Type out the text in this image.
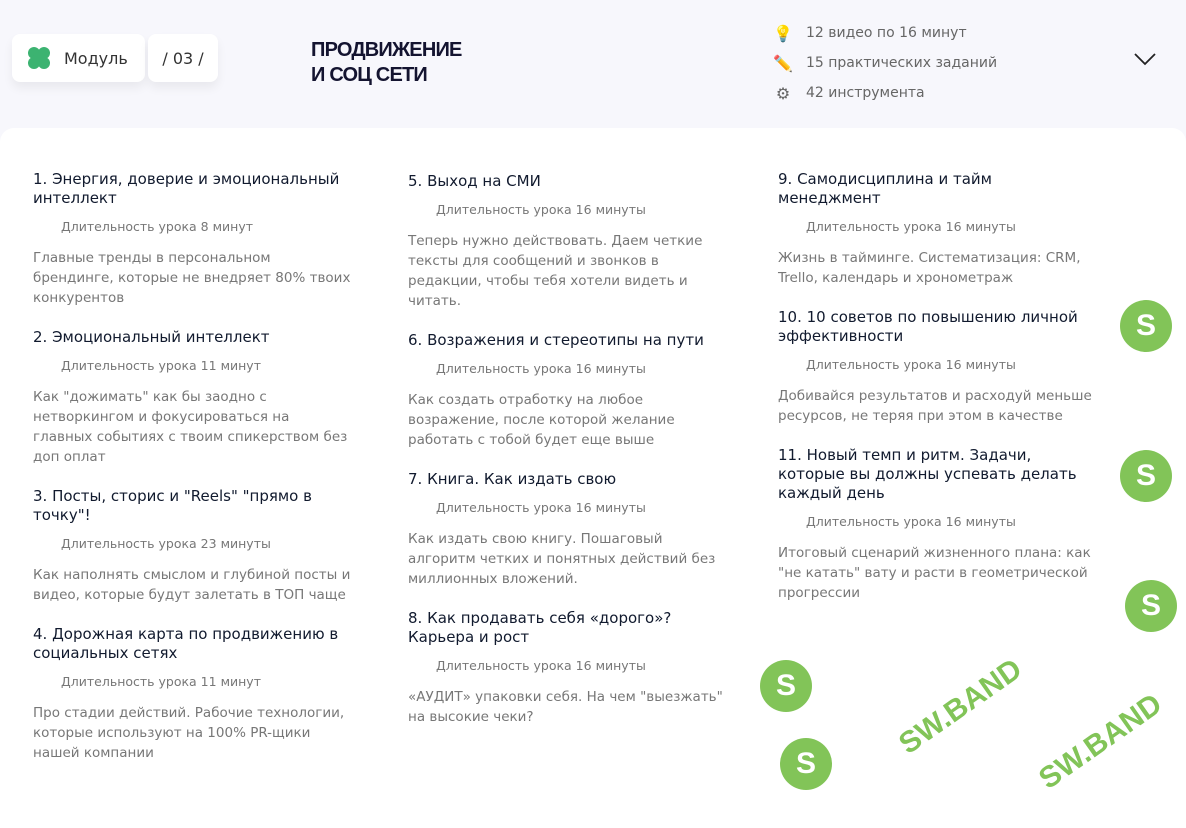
Модуль	/ 03 /	ПРОДВИЖЕНИЕ
И СОЦ СЕТИ
💡 12 видео по 16 минут
✏️ 15 практических заданий
⚙ 42 инструмента
1. Энергия, доверие и эмоциональный интеллект
Длительность урока 8 минут
Главные тренды в персональном брендинге, которые не внедряет 80% твоих конкурентов
2. Эмоциональный интеллект
Длительность урока 11 минут
Как "дожимать" как бы заодно с нетворкингом и фокусироваться на главных событиях с твоим спикерством без доп оплат
3. Посты, сторис и "Reels" "прямо в точку"!
Длительность урока 23 минуты
Как наполнять смыслом и глубиной посты и видео, которые будут залетать в ТОП чаще
4. Дорожная карта по продвижению в социальных сетях
Длительность урока 11 минут
Про стадии действий. Рабочие технологии, которые используют на 100% PR-щики нашей компании
5. Выход на СМИ
Длительность урока 16 минуты
Теперь нужно действовать. Даем четкие тексты для сообщений и звонков в редакции, чтобы тебя хотели видеть и читать.
6. Возражения и стереотипы на пути
Длительность урока 16 минуты
Как создать отработку на любое возражение, после которой желание работать с тобой будет еще выше
7. Книга. Как издать свою
Длительность урока 16 минуты
Как издать свою книгу. Пошаговый алгоритм четких и понятных действий без миллионных вложений.
8. Как продавать себя «дорого»? Карьера и рост
Длительность урока 16 минуты
«АУДИТ» упаковки себя. На чем "выезжать" на высокие чеки?
9. Самодисциплина и тайм менеджмент
Длительность урока 16 минуты
Жизнь в тайминге. Систематизация: CRM, Trello, календарь и хронометраж
10. 10 советов по повышению личной эффективности
Длительность урока 16 минуты
Добивайся результатов и расходуй меньше ресурсов, не теряя при этом в качестве
11. Новый темп и ритм. Задачи, которые вы должны успевать делать каждый день
Длительность урока 16 минуты
Итоговый сценарий жизненного плана: как "не катать" вату и расти в геометрической прогрессии
S
S
S
S
S
SW.BAND SW.BAND
